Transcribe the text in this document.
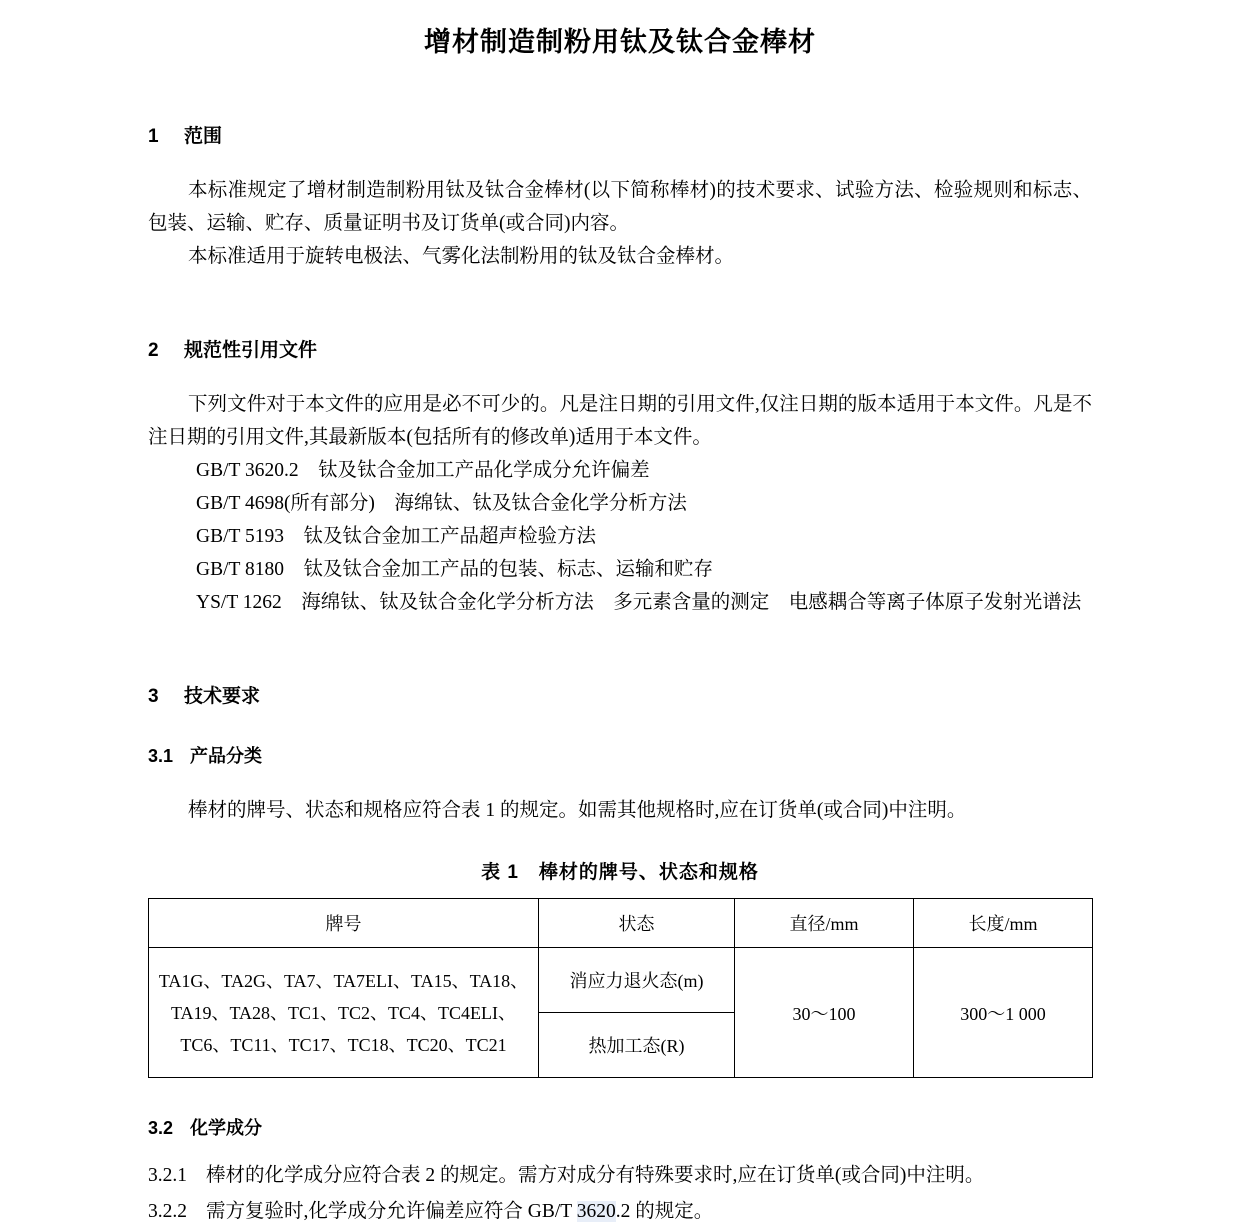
增材制造制粉用钛及钛合金棒材
1 范围

本标准规定了增材制造制粉用钛及钛合金棒材(以下简称棒材)的技术要求、试验方法、检验规则和标志、包装、运输、贮存、质量证明书及订货单(或合同)内容。

本标准适用于旋转电极法、气雾化法制粉用的钛及钛合金棒材。

2 规范性引用文件

下列文件对于本文件的应用是必不可少的。凡是注日期的引用文件,仅注日期的版本适用于本文件。凡是不注日期的引用文件,其最新版本(包括所有的修改单)适用于本文件。

GB/T 3620.2　钛及钛合金加工产品化学成分允许偏差

GB/T 4698(所有部分)　海绵钛、钛及钛合金化学分析方法

GB/T 5193　钛及钛合金加工产品超声检验方法

GB/T 8180　钛及钛合金加工产品的包装、标志、运输和贮存

YS/T 1262　海绵钛、钛及钛合金化学分析方法　多元素含量的测定　电感耦合等离子体原子发射光谱法

3 技术要求
3.1 产品分类

棒材的牌号、状态和规格应符合表 1 的规定。如需其他规格时,应在订货单(或合同)中注明。

表 1　棒材的牌号、状态和规格
牌号	状态	直径/mm	长度/mm
TA1G、TA2G、TA7、TA7ELI、TA15、TA18、TA19、TA28、TC1、TC2、TC4、TC4ELI、TC6、TC11、TC17、TC18、TC20、TC21	消应力退火态(m)	30～100	300～1 000
	热加工态(R)		
3.2 化学成分

3.2.1 棒材的化学成分应符合表 2 的规定。需方对成分有特殊要求时,应在订货单(或合同)中注明。

3.2.2 需方复验时,化学成分允许偏差应符合 GB/T 3620.2 的规定。
